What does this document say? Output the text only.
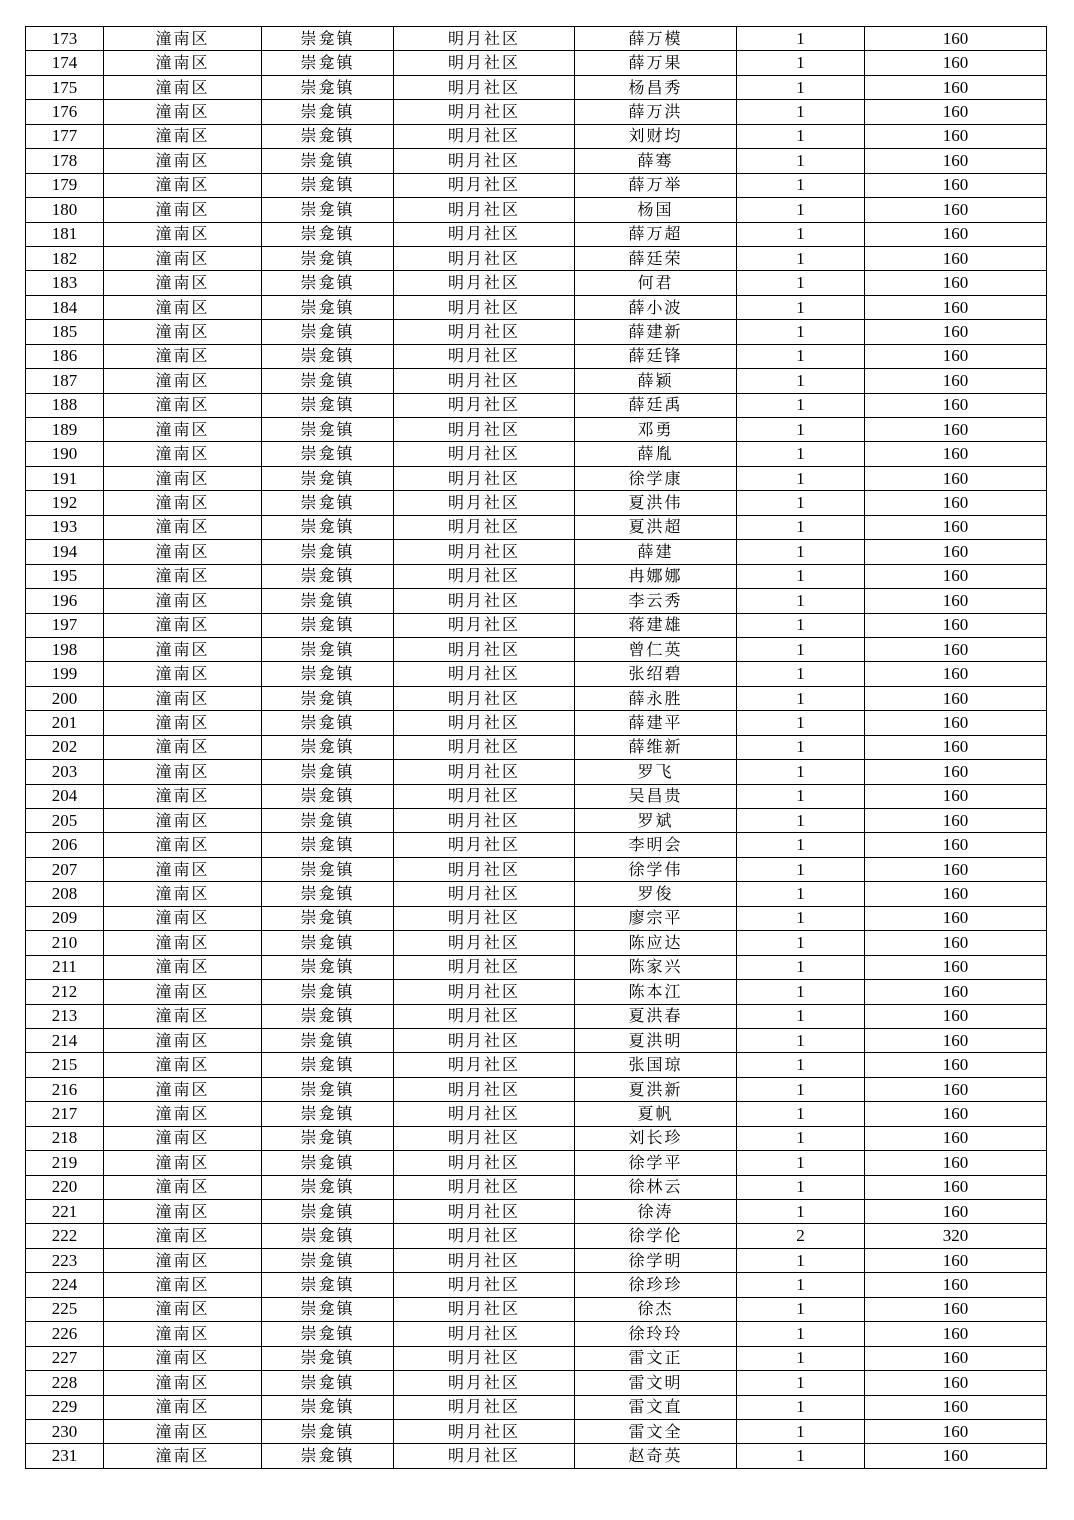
173	潼南区	崇龛镇	明月社区	薛万模	1	160
174	潼南区	崇龛镇	明月社区	薛万果	1	160
175	潼南区	崇龛镇	明月社区	杨昌秀	1	160
176	潼南区	崇龛镇	明月社区	薛万洪	1	160
177	潼南区	崇龛镇	明月社区	刘财均	1	160
178	潼南区	崇龛镇	明月社区	薛骞	1	160
179	潼南区	崇龛镇	明月社区	薛万举	1	160
180	潼南区	崇龛镇	明月社区	杨国	1	160
181	潼南区	崇龛镇	明月社区	薛万超	1	160
182	潼南区	崇龛镇	明月社区	薛廷荣	1	160
183	潼南区	崇龛镇	明月社区	何君	1	160
184	潼南区	崇龛镇	明月社区	薛小波	1	160
185	潼南区	崇龛镇	明月社区	薛建新	1	160
186	潼南区	崇龛镇	明月社区	薛廷锋	1	160
187	潼南区	崇龛镇	明月社区	薛颖	1	160
188	潼南区	崇龛镇	明月社区	薛廷禹	1	160
189	潼南区	崇龛镇	明月社区	邓勇	1	160
190	潼南区	崇龛镇	明月社区	薛胤	1	160
191	潼南区	崇龛镇	明月社区	徐学康	1	160
192	潼南区	崇龛镇	明月社区	夏洪伟	1	160
193	潼南区	崇龛镇	明月社区	夏洪超	1	160
194	潼南区	崇龛镇	明月社区	薛建	1	160
195	潼南区	崇龛镇	明月社区	冉娜娜	1	160
196	潼南区	崇龛镇	明月社区	李云秀	1	160
197	潼南区	崇龛镇	明月社区	蒋建雄	1	160
198	潼南区	崇龛镇	明月社区	曾仁英	1	160
199	潼南区	崇龛镇	明月社区	张绍碧	1	160
200	潼南区	崇龛镇	明月社区	薛永胜	1	160
201	潼南区	崇龛镇	明月社区	薛建平	1	160
202	潼南区	崇龛镇	明月社区	薛维新	1	160
203	潼南区	崇龛镇	明月社区	罗飞	1	160
204	潼南区	崇龛镇	明月社区	吴昌贵	1	160
205	潼南区	崇龛镇	明月社区	罗斌	1	160
206	潼南区	崇龛镇	明月社区	李明会	1	160
207	潼南区	崇龛镇	明月社区	徐学伟	1	160
208	潼南区	崇龛镇	明月社区	罗俊	1	160
209	潼南区	崇龛镇	明月社区	廖宗平	1	160
210	潼南区	崇龛镇	明月社区	陈应达	1	160
211	潼南区	崇龛镇	明月社区	陈家兴	1	160
212	潼南区	崇龛镇	明月社区	陈本江	1	160
213	潼南区	崇龛镇	明月社区	夏洪春	1	160
214	潼南区	崇龛镇	明月社区	夏洪明	1	160
215	潼南区	崇龛镇	明月社区	张国琼	1	160
216	潼南区	崇龛镇	明月社区	夏洪新	1	160
217	潼南区	崇龛镇	明月社区	夏帆	1	160
218	潼南区	崇龛镇	明月社区	刘长珍	1	160
219	潼南区	崇龛镇	明月社区	徐学平	1	160
220	潼南区	崇龛镇	明月社区	徐林云	1	160
221	潼南区	崇龛镇	明月社区	徐涛	1	160
222	潼南区	崇龛镇	明月社区	徐学伦	2	320
223	潼南区	崇龛镇	明月社区	徐学明	1	160
224	潼南区	崇龛镇	明月社区	徐珍珍	1	160
225	潼南区	崇龛镇	明月社区	徐杰	1	160
226	潼南区	崇龛镇	明月社区	徐玲玲	1	160
227	潼南区	崇龛镇	明月社区	雷文正	1	160
228	潼南区	崇龛镇	明月社区	雷文明	1	160
229	潼南区	崇龛镇	明月社区	雷文直	1	160
230	潼南区	崇龛镇	明月社区	雷文全	1	160
231	潼南区	崇龛镇	明月社区	赵奇英	1	160
